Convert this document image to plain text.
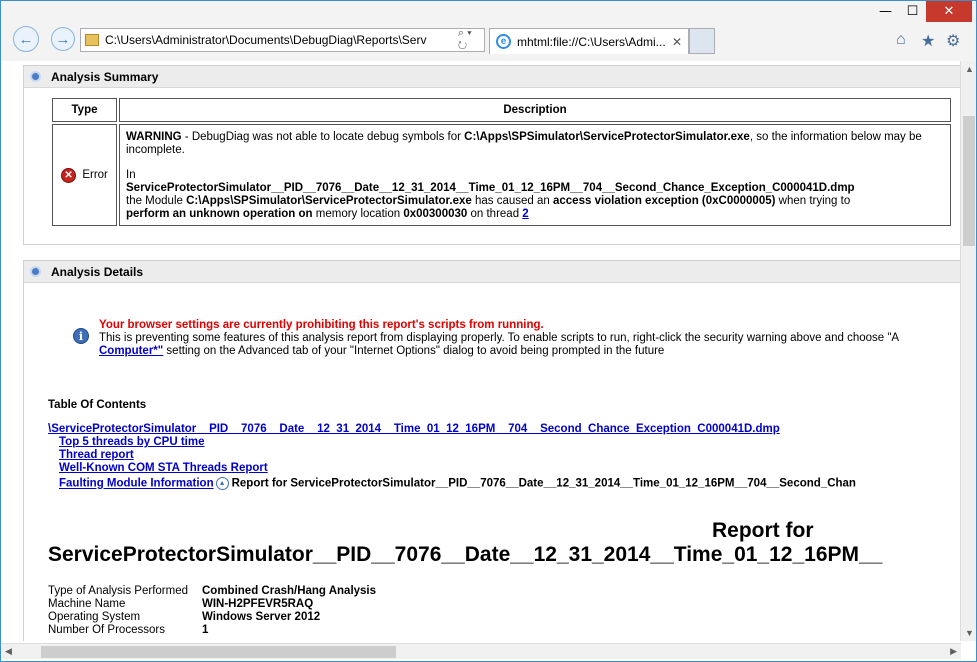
—	☐	✕
← →	C:\Users\Administrator\Documents\DebugDiag\Reports\Serv	⌕ ▾ ↻	e mhtml:file://C:\Users\Admi... ✕	⌂ ★ ⚙
Analysis Summary
Type	Description
✕ Error	WARNING - DebugDiag was not able to locate debug symbols for C:\Apps\SPSimulator\ServiceProtectorSimulator.exe, so the information below may be incomplete.

In
ServiceProtectorSimulator__PID__7076__Date__12_31_2014__Time_01_12_16PM__704__Second_Chance_Exception_C000041D.dmp
the Module C:\Apps\SPSimulator\ServiceProtectorSimulator.exe has caused an access violation exception (0xC0000005) when trying to
perform an unknown operation on memory location 0x00300030 on thread 2

Analysis Details
i
Your browser settings are currently prohibiting this report's scripts from running.
This is preventing some features of this analysis report from displaying properly. To enable scripts to run, right-click the security warning above and choose "A
Computer*" setting on the Advanced tab of your "Internet Options" dialog to avoid being prompted in the future
Table Of Contents
\ServiceProtectorSimulator__PID__7076__Date__12_31_2014__Time_01_12_16PM__704__Second_Chance_Exception_C000041D.dmp
Top 5 threads by CPU time
Thread report
Well-Known COM STA Threads Report
Faulting Module Information ▲ Report for ServiceProtectorSimulator__PID__7076__Date__12_31_2014__Time_01_12_16PM__704__Second_Chan
Report for
ServiceProtectorSimulator__PID__7076__Date__12_31_2014__Time_01_12_16PM__
Type of Analysis Performed Combined Crash/Hang Analysis
Machine Name	WIN-H2PFEVR5RAQ
Operating System	Windows Server 2012
Number Of Processors	1
▲
▼
◀	▶
